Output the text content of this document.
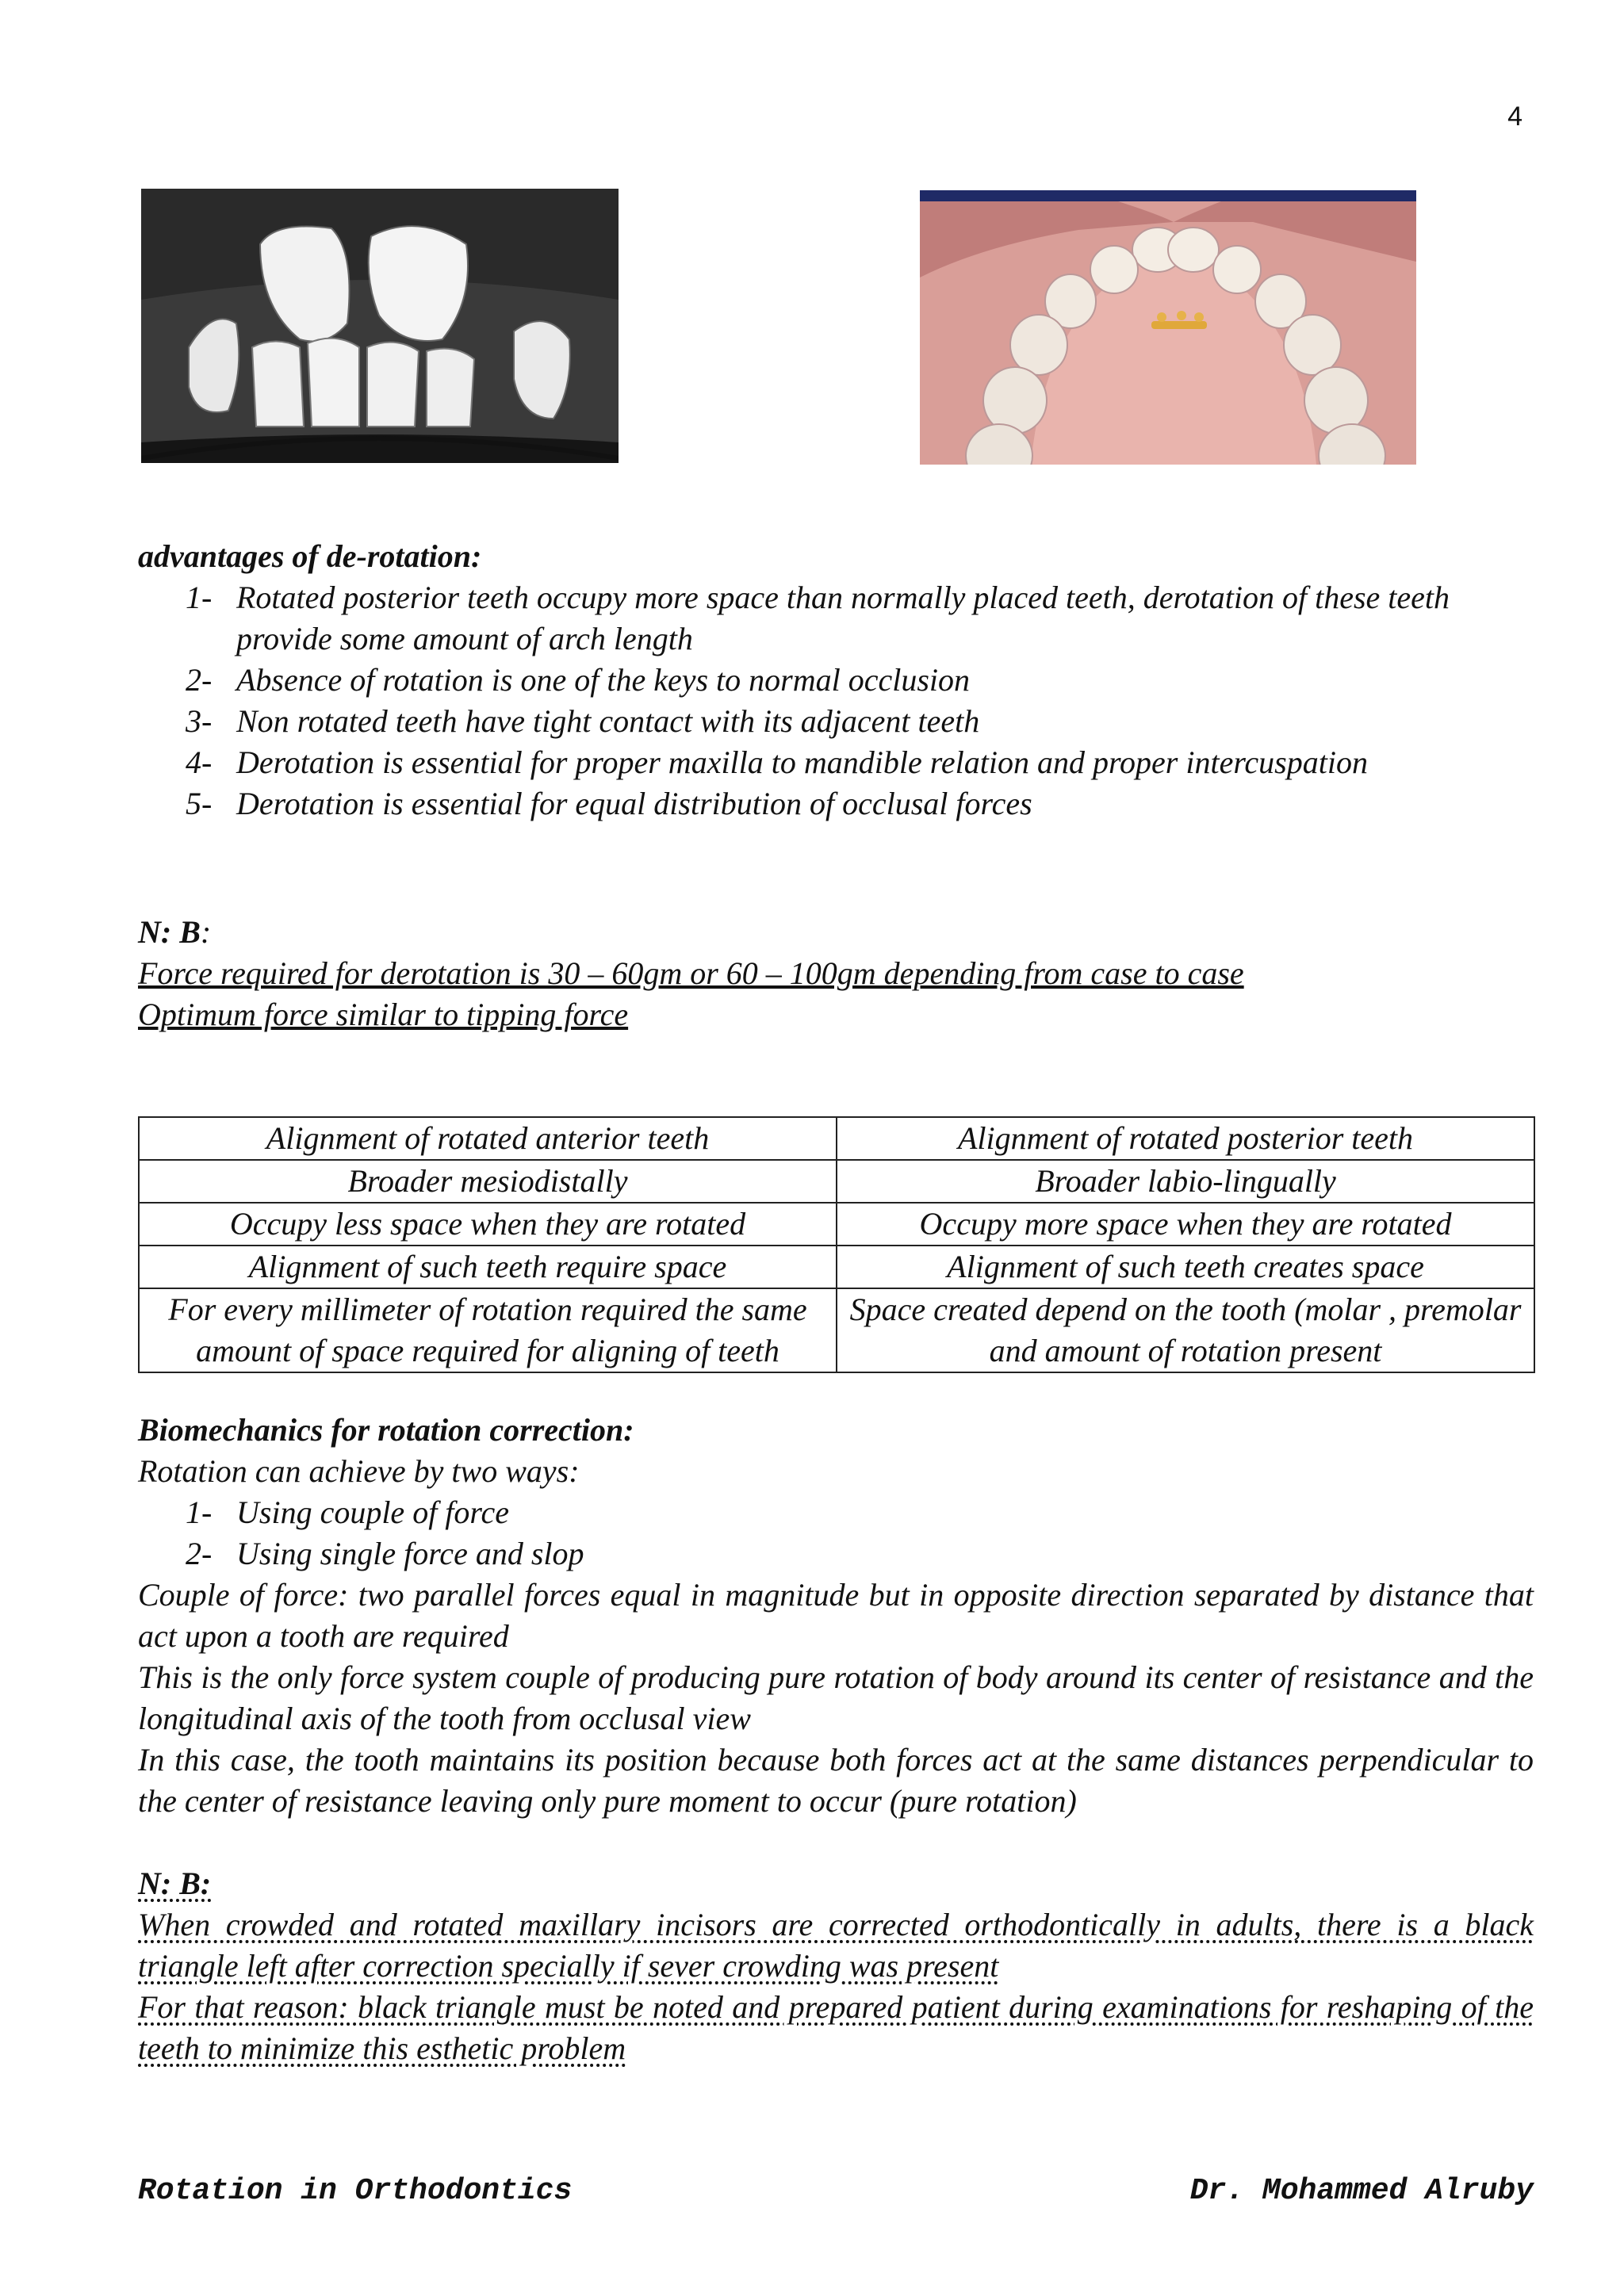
4
advantages of de-rotation:
1- Rotated posterior teeth occupy more space than normally placed teeth, derotation of these teeth provide some amount of arch length
2- Absence of rotation is one of the keys to normal occlusion
3- Non rotated teeth have tight contact with its adjacent teeth
4- Derotation is essential for proper maxilla to mandible relation and proper intercuspation
5- Derotation is essential for equal distribution of occlusal forces
N: B:
Force required for derotation is 30 – 60gm or 60 – 100gm depending from case to case
Optimum force similar to tipping force
Alignment of rotated anterior teeth	Alignment of rotated posterior teeth
Broader mesiodistally	Broader labio-lingually
Occupy less space when they are rotated	Occupy more space when they are rotated
Alignment of such teeth require space	Alignment of such teeth creates space
For every millimeter of rotation required the same amount of space required for aligning of teeth	Space created depend on the tooth (molar , premolar and amount of rotation present
Biomechanics for rotation correction:
Rotation can achieve by two ways:
1- Using couple of force
2- Using single force and slop
Couple of force: two parallel forces equal in magnitude but in opposite direction separated by distance that act upon a tooth are required
This is the only force system couple of producing pure rotation of body around its center of resistance and the longitudinal axis of the tooth from occlusal view
In this case, the tooth maintains its position because both forces act at the same distances perpendicular to the center of resistance leaving only pure moment to occur (pure rotation)
N: B:
When crowded and rotated maxillary incisors are corrected orthodontically in adults, there is a black triangle left after correction specially if sever crowding was present
For that reason: black triangle must be noted and prepared patient during examinations for reshaping of the teeth to minimize this esthetic problem
Rotation in Orthodontics	Dr. Mohammed Alruby
